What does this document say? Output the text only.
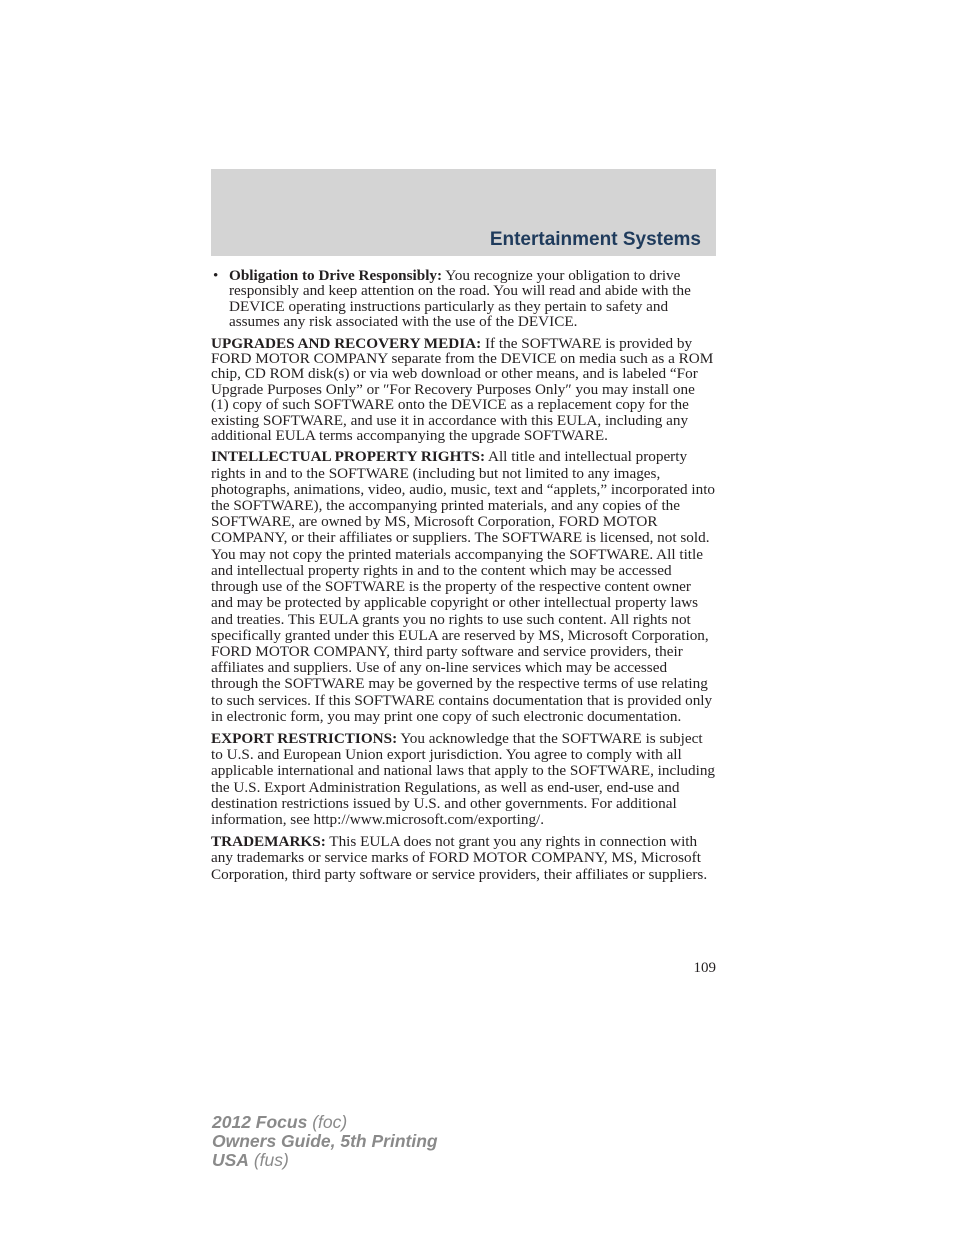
Entertainment Systems
• Obligation to Drive Responsibly: You recognize your obligation to drive responsibly and keep attention on the road. You will read and abide with the DEVICE operating instructions particularly as they pertain to safety and assumes any risk associated with the use of the DEVICE.

UPGRADES AND RECOVERY MEDIA: If the SOFTWARE is provided by FORD MOTOR COMPANY separate from the DEVICE on media such as a ROM chip, CD ROM disk(s) or via web download or other means, and is labeled “For Upgrade Purposes Only” or ″For Recovery Purposes Only″ you may install one (1) copy of such SOFTWARE onto the DEVICE as a replacement copy for the existing SOFTWARE, and use it in accordance with this EULA, including any additional EULA terms accompanying the upgrade SOFTWARE.

INTELLECTUAL PROPERTY RIGHTS: All title and intellectual property rights in and to the SOFTWARE (including but not limited to any images, photographs, animations, video, audio, music, text and “applets,” incorporated into the SOFTWARE), the accompanying printed materials, and any copies of the SOFTWARE, are owned by MS, Microsoft Corporation, FORD MOTOR COMPANY, or their affiliates or suppliers. The SOFTWARE is licensed, not sold. You may not copy the printed materials accompanying the SOFTWARE. All title and intellectual property rights in and to the content which may be accessed through use of the SOFTWARE is the property of the respective content owner and may be protected by applicable copyright or other intellectual property laws and treaties. This EULA grants you no rights to use such content. All rights not specifically granted under this EULA are reserved by MS, Microsoft Corporation, FORD MOTOR COMPANY, third party software and service providers, their affiliates and suppliers. Use of any on-line services which may be accessed through the SOFTWARE may be governed by the respective terms of use relating to such services. If this SOFTWARE contains documentation that is provided only in electronic form, you may print one copy of such electronic documentation.

EXPORT RESTRICTIONS: You acknowledge that the SOFTWARE is subject to U.S. and European Union export jurisdiction. You agree to comply with all applicable international and national laws that apply to the SOFTWARE, including the U.S. Export Administration Regulations, as well as end-user, end-use and destination restrictions issued by U.S. and other governments. For additional information, see http://www.microsoft.com/exporting/.

TRADEMARKS: This EULA does not grant you any rights in connection with any trademarks or service marks of FORD MOTOR COMPANY, MS, Microsoft Corporation, third party software or service providers, their affiliates or suppliers.

109
2012 Focus (foc)
Owners Guide, 5th Printing
USA (fus)
